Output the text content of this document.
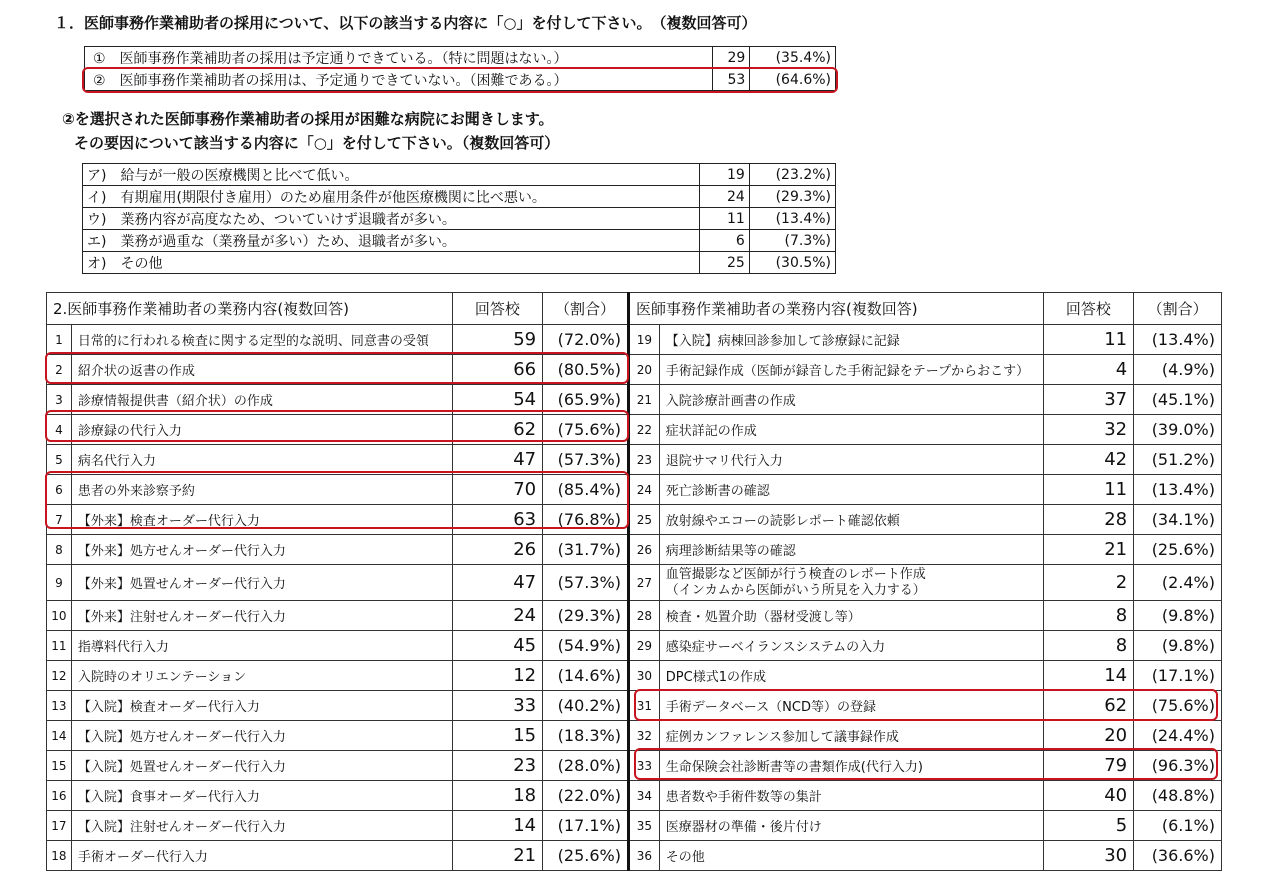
１．医師事務作業補助者の採用について、以下の該当する内容に「○」を付して下さい。　（複数回答可）
①　医師事務作業補助者の採用は予定通りできている。（特に問題はない。）	29	(35.4%)
②　医師事務作業補助者の採用は、予定通りできていない。（困難である。）	53	(64.6%)
②を選択された医師事務作業補助者の採用が困難な病院にお聞きします。
その要因について該当する内容に「○」を付して下さい。（複数回答可）
ア)　給与が一般の医療機関と比べて低い。	19	(23.2%)
イ)　有期雇用(期限付き雇用）のため雇用条件が他医療機関に比べ悪い。	24	(29.3%)
ウ)　業務内容が高度なため、ついていけず退職者が多い。	11	(13.4%)
エ)　業務が過重な（業務量が多い）ため、退職者が多い。	6	(7.3%)
オ)　その他	25	(30.5%)
2.医師事務作業補助者の業務内容(複数回答)		回答校	（割合）	医師事務作業補助者の業務内容(複数回答)		回答校	（割合）
1	日常的に行われる検査に関する定型的な説明、同意書の受領	59	(72.0%)	19	【入院】病棟回診参加して診療録に記録	11	(13.4%)
2	紹介状の返書の作成	66	(80.5%)	20	手術記録作成（医師が録音した手術記録をテープからおこす）	4	(4.9%)
3	診療情報提供書（紹介状）の作成	54	(65.9%)	21	入院診療計画書の作成	37	(45.1%)
4	診療録の代行入力	62	(75.6%)	22	症状詳記の作成	32	(39.0%)
5	病名代行入力	47	(57.3%)	23	退院サマリ代行入力	42	(51.2%)
6	患者の外来診察予約	70	(85.4%)	24	死亡診断書の確認	11	(13.4%)
7	【外来】検査オーダー代行入力	63	(76.8%)	25	放射線やエコーの読影レポート確認依頼	28	(34.1%)
8	【外来】処方せんオーダー代行入力	26	(31.7%)	26	病理診断結果等の確認	21	(25.6%)
9	【外来】処置せんオーダー代行入力	47	(57.3%)	27	血管撮影など医師が行う検査のレポート作成
（インカムから医師がいう所見を入力する）	2	(2.4%)
10	【外来】注射せんオーダー代行入力	24	(29.3%)	28	検査・処置介助（器材受渡し等）	8	(9.8%)
11	指導料代行入力	45	(54.9%)	29	感染症サーベイランスシステムの入力	8	(9.8%)
12	入院時のオリエンテーション	12	(14.6%)	30	DPC様式1の作成	14	(17.1%)
13	【入院】検査オーダー代行入力	33	(40.2%)	31	手術データベース（NCD等）の登録	62	(75.6%)
14	【入院】処方せんオーダー代行入力	15	(18.3%)	32	症例カンファレンス参加して議事録作成	20	(24.4%)
15	【入院】処置せんオーダー代行入力	23	(28.0%)	33	生命保険会社診断書等の書類作成(代行入力)	79	(96.3%)
16	【入院】食事オーダー代行入力	18	(22.0%)	34	患者数や手術件数等の集計	40	(48.8%)
17	【入院】注射せんオーダー代行入力	14	(17.1%)	35	医療器材の準備・後片付け	5	(6.1%)
18	手術オーダー代行入力	21	(25.6%)	36	その他	30	(36.6%)
